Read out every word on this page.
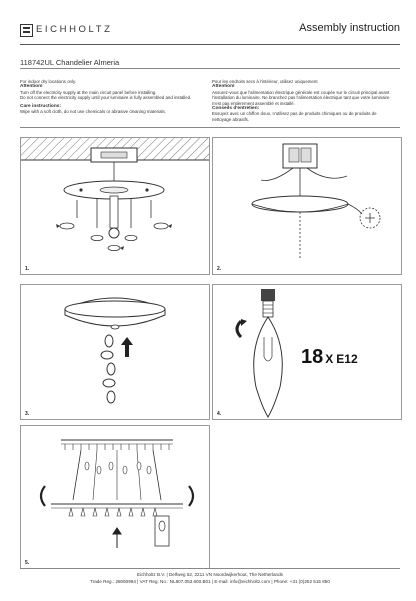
EICHHOLTZ	Assembly instruction
118742UL Chandelier Almeria

For indoor dry locations only.

Attention!

Turn off the electricity supply at the main circuit panel before installing.

Do not connect the electricity supply until your luminaire is fully assembled and installed.

Care instructions:

Wipe with a soft cloth, do not use chemicals or abrasive cleaning materials.

Pour les endroits secs à l'intérieur, utilisez uniquement

Attention!

Assurez-vous que l'alimentation électrique générale est coupée sur le circuit principal avant

l'installation du luminaire. Ne branchez pas l'alimentation électrique tant que votre luminaire

n'est pas entièrement assemblé et installé.

Conseils d'entretien:

Essuyez avec un chiffon doux, n'utilisez pas de produits chimiques ou de produits de

nettoyage abrasifs.

1.	2.
3.
18 X E12
4.
5.
Eichholtz B.V. | Delfweg 52, 2211 VN Noordwijkerhout, The Netherlands
Trade Reg.: 28060994 | VAT Reg. No.: NL807.053.600.B01 | E-mail: info@eichholtz.com | Phone: +31 (0)252 515 850
